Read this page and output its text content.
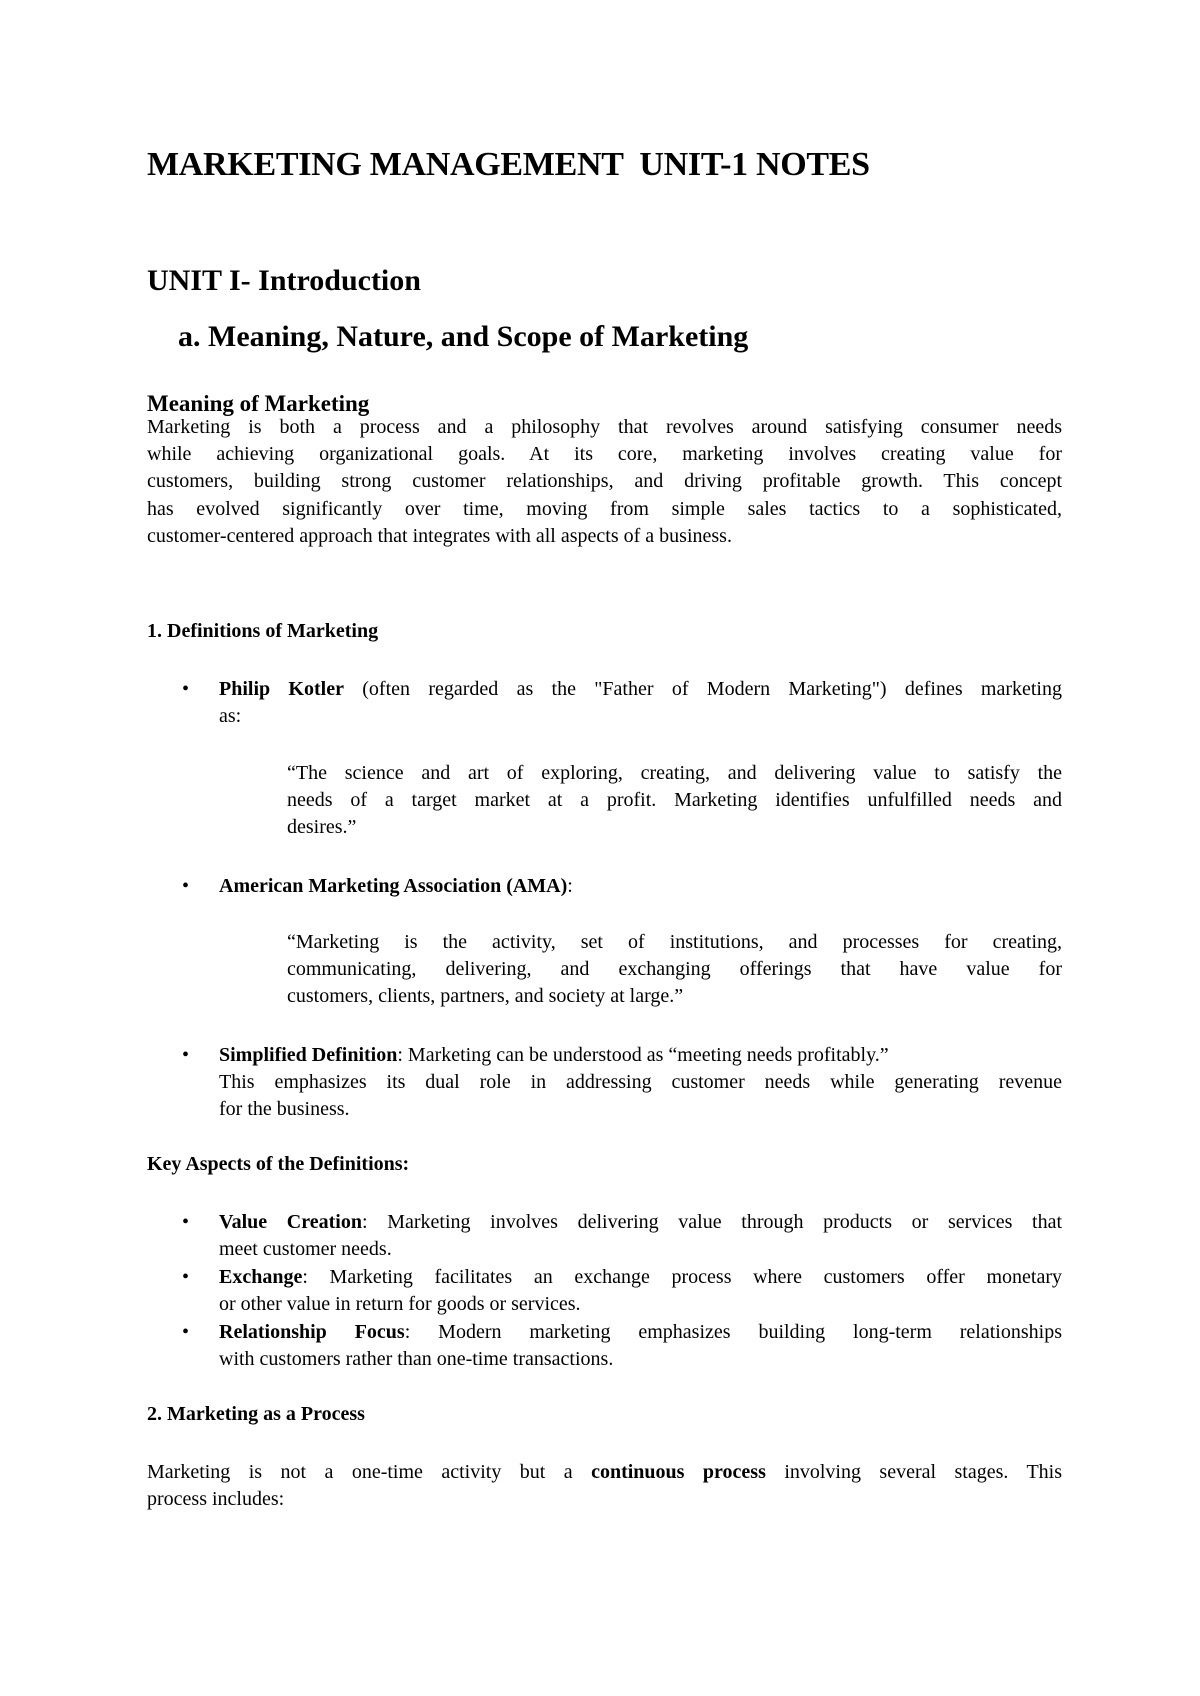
MARKETING MANAGEMENT  UNIT-1 NOTES
UNIT I- Introduction
a. Meaning, Nature, and Scope of Marketing
Meaning of Marketing

Marketing is both a process and a philosophy that revolves around satisfying consumer needs
while achieving organizational goals. At its core, marketing involves creating value for
customers, building strong customer relationships, and driving profitable growth. This concept
has evolved significantly over time, moving from simple sales tactics to a sophisticated,
customer-centered approach that integrates with all aspects of a business.

1. Definitions of Marketing
• Philip Kotler (often regarded as the "Father of Modern Marketing") defines marketing
as:
“The science and art of exploring, creating, and delivering value to satisfy the
needs of a target market at a profit. Marketing identifies unfulfilled needs and
desires.”
• American Marketing Association (AMA):
“Marketing is the activity, set of institutions, and processes for creating,
communicating, delivering, and exchanging offerings that have value for
customers, clients, partners, and society at large.”
• Simplified Definition: Marketing can be understood as “meeting needs profitably.”
This emphasizes its dual role in addressing customer needs while generating revenue
for the business.
Key Aspects of the Definitions:
• Value Creation: Marketing involves delivering value through products or services that
meet customer needs.
• Exchange: Marketing facilitates an exchange process where customers offer monetary
or other value in return for goods or services.
• Relationship Focus: Modern marketing emphasizes building long-term relationships
with customers rather than one-time transactions.
2. Marketing as a Process

Marketing is not a one-time activity but a continuous process involving several stages. This
process includes:
